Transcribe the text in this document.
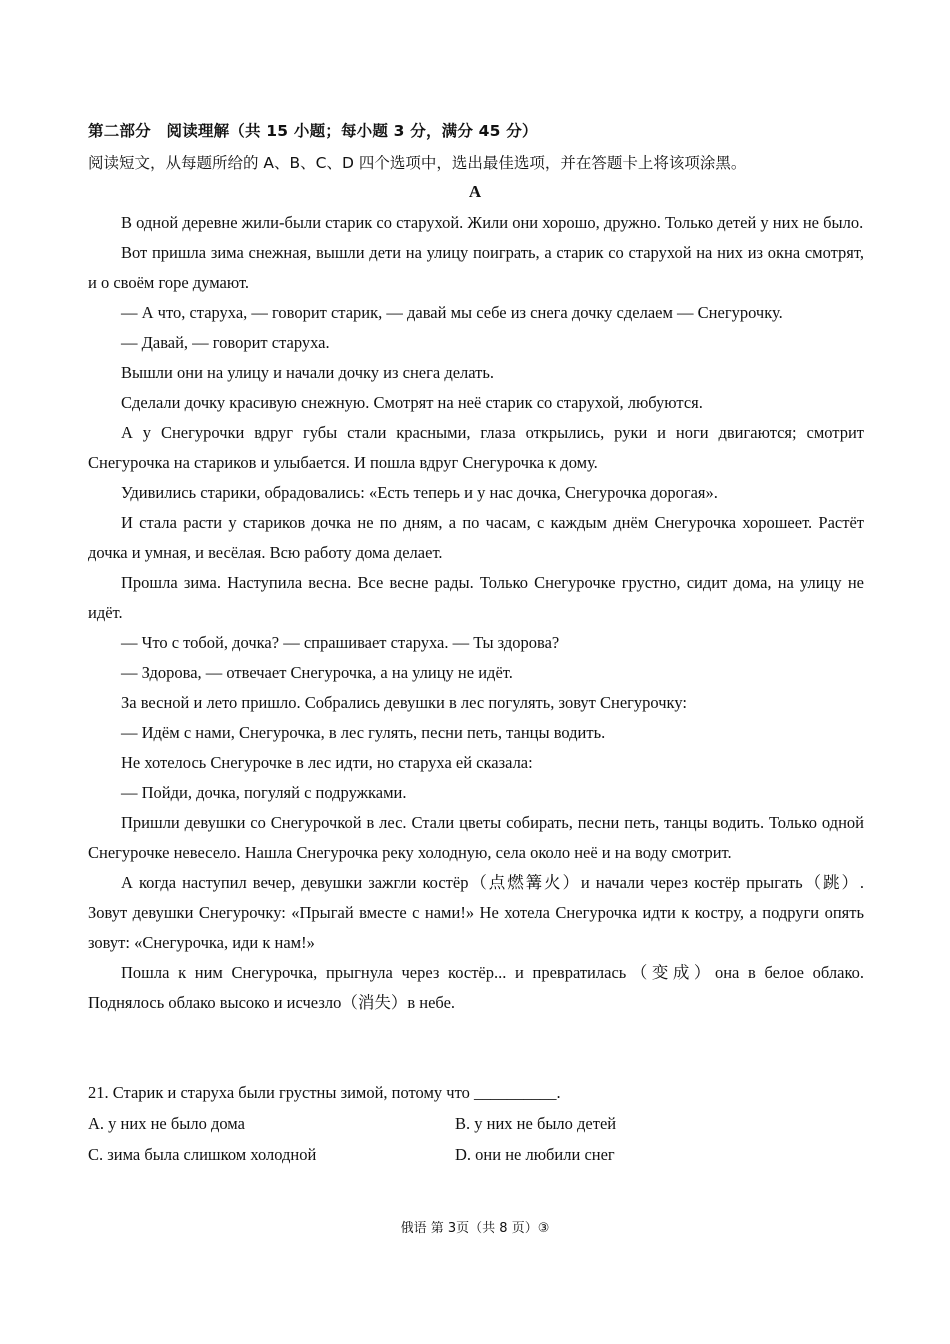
第二部分　阅读理解（共 15 小题；每小题 3 分，满分 45 分）
阅读短文，从每题所给的 A、B、C、D 四个选项中，选出最佳选项，并在答题卡上将该项涂黑。
A

В одной деревне жили-были старик со старухой. Жили они хорошо, дружно. Только детей у них не было.

Вот пришла зима снежная, вышли дети на улицу поиграть, а старик со старухой на них из окна смотрят, и о своём горе думают.

— А что, старуха, — говорит старик, — давай мы себе из снега дочку сделаем — Снегурочку.

— Давай, — говорит старуха.

Вышли они на улицу и начали дочку из снега делать.

Сделали дочку красивую снежную. Смотрят на неё старик со старухой, любуются.

А у Снегурочки вдруг губы стали красными, глаза открылись, руки и ноги двигаются; смотрит Снегурочка на стариков и улыбается. И пошла вдруг Снегурочка к дому.

Удивились старики, обрадовались: «Есть теперь и у нас дочка, Снегурочка дорогая».

И стала расти у стариков дочка не по дням, а по часам, с каждым днём Снегурочка хорошеет. Растёт дочка и умная, и весёлая. Всю работу дома делает.

Прошла зима. Наступила весна. Все весне рады. Только Снегурочке грустно, сидит дома, на улицу не идёт.

— Что с тобой, дочка? — спрашивает старуха. — Ты здорова?

— Здорова, — отвечает Снегурочка, а на улицу не идёт.

За весной и лето пришло. Собрались девушки в лес погулять, зовут Снегурочку:

— Идём с нами, Снегурочка, в лес гулять, песни петь, танцы водить.

Не хотелось Снегурочке в лес идти, но старуха ей сказала:

— Пойди, дочка, погуляй с подружками.

Пришли девушки со Снегурочкой в лес. Стали цветы собирать, песни петь, танцы водить. Только одной Снегурочке невесело. Нашла Снегурочка реку холодную, села около неё и на воду смотрит.

А когда наступил вечер, девушки зажгли костёр（点燃篝火）и начали через костёр прыгать（跳）. Зовут девушки Снегурочку: «Прыгай вместе с нами!» Не хотела Снегурочка идти к костру, а подруги опять зовут: «Снегурочка, иди к нам!»

Пошла к ним Снегурочка, прыгнула через костёр... и превратилась（变成）она в белое облако. Поднялось облако высоко и исчезло（消失）в небе.

21. Старик и старуха были грустны зимой, потому что __________.

A. у них не было дома	B. у них не было детей
C. зима была слишком холодной	D. они не любили снег
俄语 第 3页（共 8 页）③
